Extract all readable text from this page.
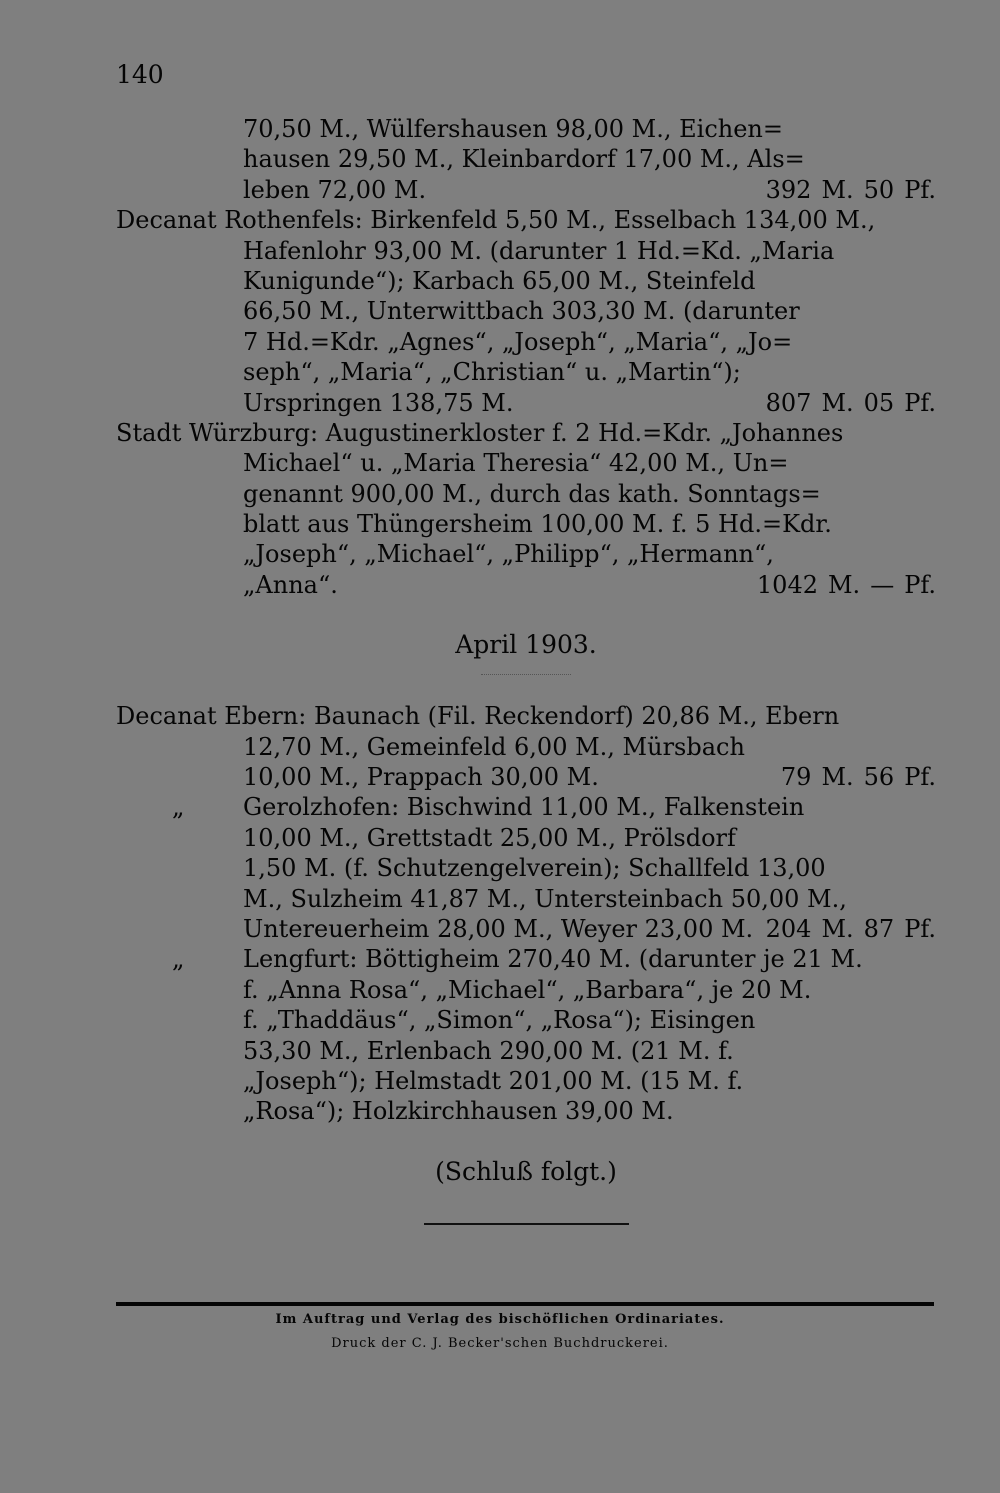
140
70,50 M., Wülfershausen 98,00 M., Eichen=
hausen 29,50 M., Kleinbardorf 17,00 M., Als=
leben 72,00 M.	392 M. 50 Pf.
Decanat Rothenfels: Birkenfeld 5,50 M., Esselbach 134,00 M.,
Hafenlohr 93,00 M. (darunter 1 Hd.=Kd. „Maria
Kunigunde“); Karbach 65,00 M., Steinfeld
66,50 M., Unterwittbach 303,30 M. (darunter
7 Hd.=Kdr. „Agnes“, „Joseph“, „Maria“, „Jo=
seph“, „Maria“, „Christian“ u. „Martin“);
Urspringen 138,75 M.	807 M. 05 Pf.
Stadt Würzburg: Augustinerkloster f. 2 Hd.=Kdr. „Johannes
Michael“ u. „Maria Theresia“ 42,00 M., Un=
genannt 900,00 M., durch das kath. Sonntags=
blatt aus Thüngersheim 100,00 M. f. 5 Hd.=Kdr.
„Joseph“, „Michael“, „Philipp“, „Hermann“,
„Anna“.	1042 M. — Pf.
April 1903.
Decanat Ebern: Baunach (Fil. Reckendorf) 20,86 M., Ebern
12,70 M., Gemeinfeld 6,00 M., Mürsbach
10,00 M., Prappach 30,00 M.	79 M. 56 Pf.
„ Gerolzhofen: Bischwind 11,00 M., Falkenstein
10,00 M., Grettstadt 25,00 M., Prölsdorf
1,50 M. (f. Schutzengelverein); Schallfeld 13,00
M., Sulzheim 41,87 M., Untersteinbach 50,00 M.,
Untereuerheim 28,00 M., Weyer 23,00 M. 204 M. 87 Pf.
„ Lengfurt: Böttigheim 270,40 M. (darunter je 21 M.
f. „Anna Rosa“, „Michael“, „Barbara“, je 20 M.
f. „Thaddäus“, „Simon“, „Rosa“); Eisingen
53,30 M., Erlenbach 290,00 M. (21 M. f.
„Joseph“); Helmstadt 201,00 M. (15 M. f.
„Rosa“); Holzkirchhausen 39,00 M.
(Schluß folgt.)
Im Auftrag und Verlag des bischöflichen Ordinariates.
Druck der C. J. Becker'schen Buchdruckerei.
